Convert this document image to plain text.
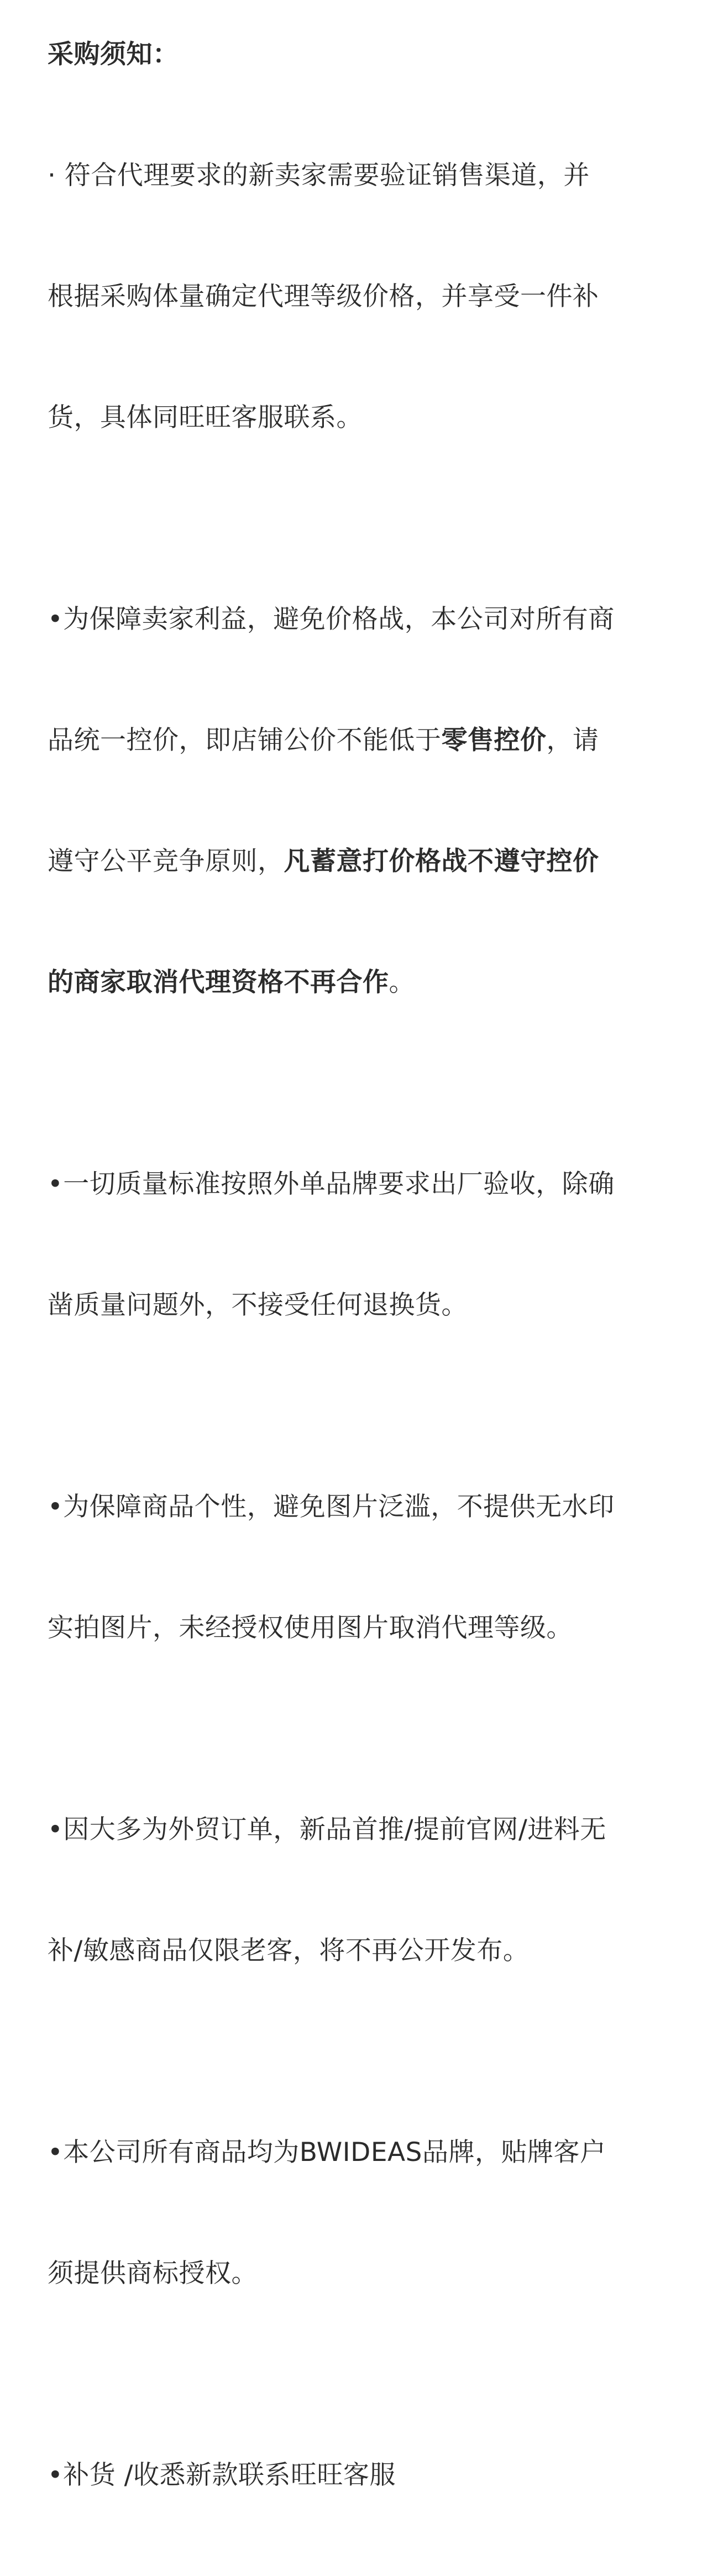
采购须知：

· 符合代理要求的新卖家需要验证销售渠道，并

根据采购体量确定代理等级价格，并享受一件补

货，具体同旺旺客服联系。

•为保障卖家利益，避免价格战，本公司对所有商

品统一控价，即店铺公价不能低于零售控价，请

遵守公平竞争原则，凡蓄意打价格战不遵守控价

的商家取消代理资格不再合作。

•一切质量标准按照外单品牌要求出厂验收，除确

凿质量问题外，不接受任何退换货。

•为保障商品个性，避免图片泛滥，不提供无水印

实拍图片，未经授权使用图片取消代理等级。

•因大多为外贸订单，新品首推/提前官网/进料无

补/敏感商品仅限老客，将不再公开发布。

•本公司所有商品均为BWIDEAS品牌，贴牌客户

须提供商标授权。

•补货 /收悉新款联系旺旺客服
